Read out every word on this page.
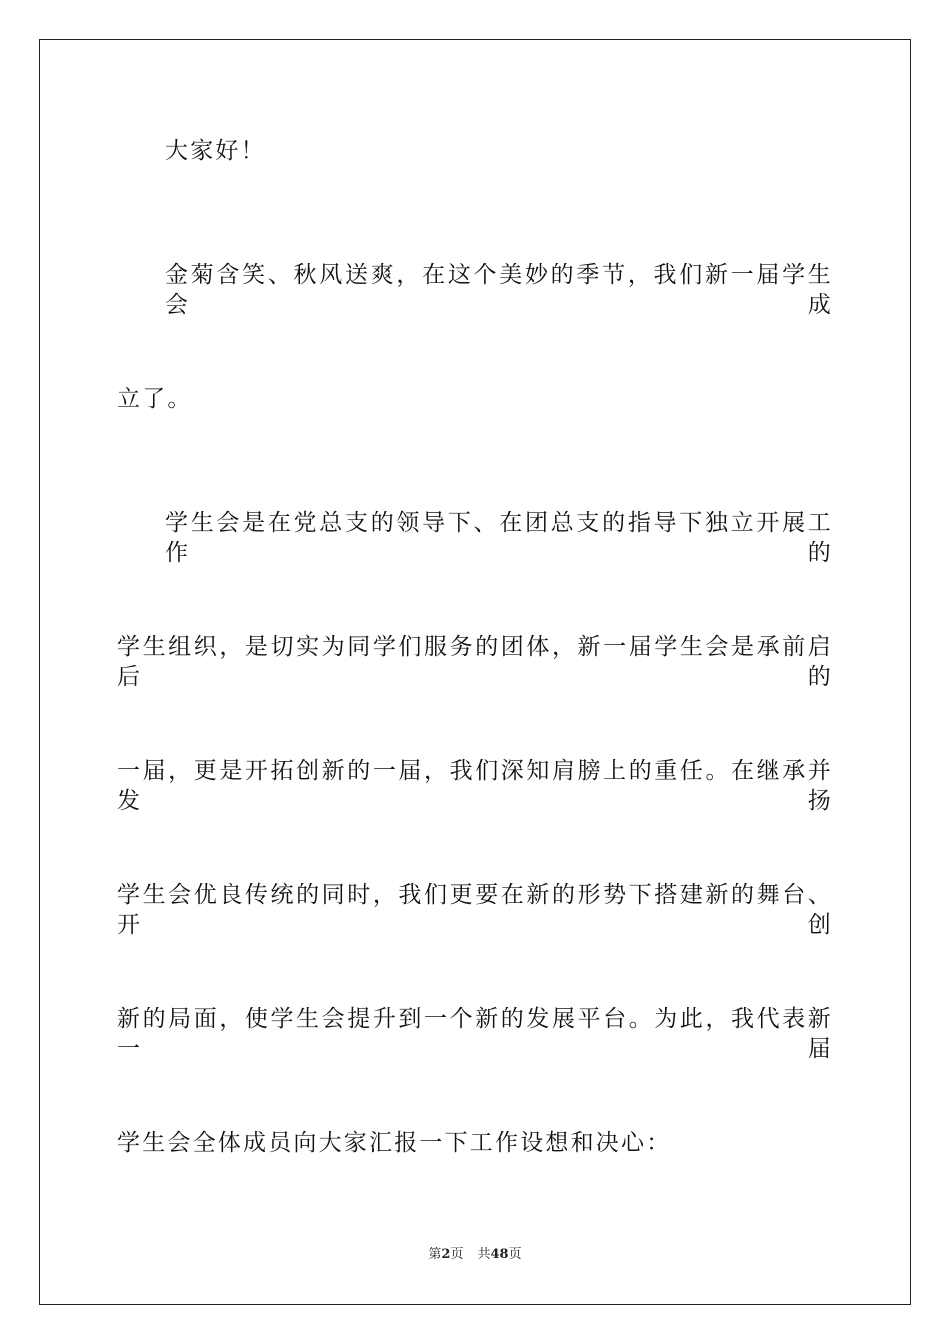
大家好！
金菊含笑、秋风送爽，在这个美妙的季节，我们新一届学生会成
立了。
学生会是在党总支的领导下、在团总支的指导下独立开展工作的
学生组织，是切实为同学们服务的团体，新一届学生会是承前启后的
一届，更是开拓创新的一届，我们深知肩膀上的重任。在继承并发扬
学生会优良传统的同时，我们更要在新的形势下搭建新的舞台、开创
新的局面，使学生会提升到一个新的发展平台。为此，我代表新一届
学生会全体成员向大家汇报一下工作设想和决心：
第2页 共48页
